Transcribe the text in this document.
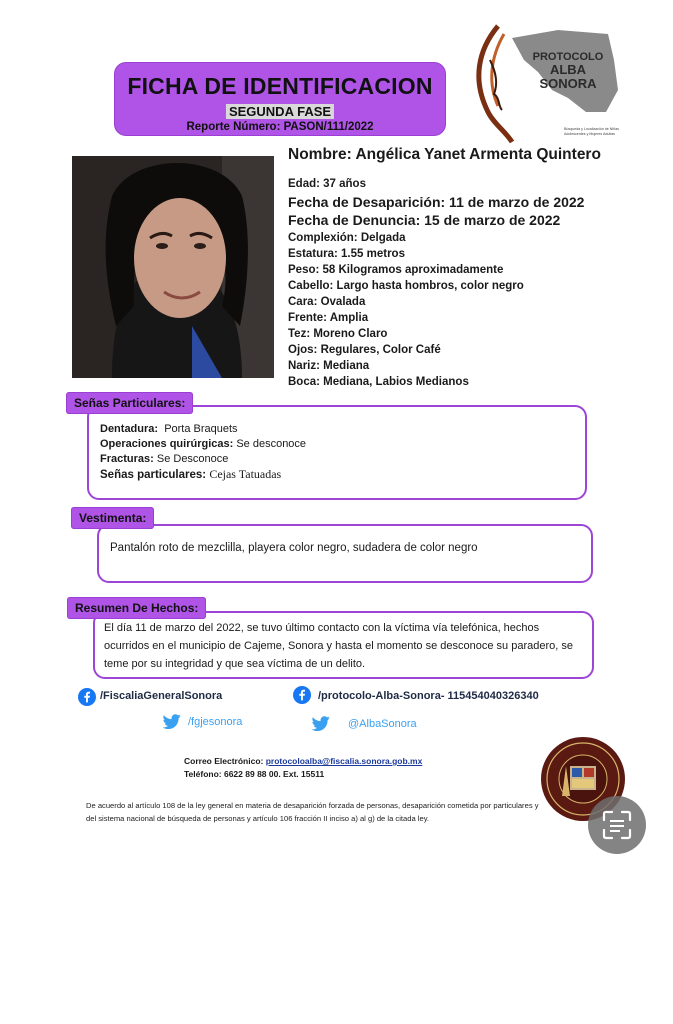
FICHA DE IDENTIFICACION
SEGUNDA FASE
Reporte Número: PASON/111/2022
PROTOCOLO
ALBA
SONORA
Búsqueda y Localización de Niñas
Adolescentes y Mujeres Adultas
Nombre: Angélica Yanet Armenta Quintero
Edad: 37 años
Fecha de Desaparición: 11 de marzo de 2022
Fecha de Denuncia: 15 de marzo de 2022
Complexión: Delgada
Estatura: 1.55 metros
Peso: 58 Kilogramos aproximadamente
Cabello: Largo hasta hombros, color negro
Cara: Ovalada
Frente: Amplia
Tez: Moreno Claro
Ojos: Regulares, Color Café
Nariz: Mediana
Boca: Mediana, Labios Medianos
Señas Particulares:
Dentadura: Porta Braquets
Operaciones quirúrgicas: Se desconoce
Fracturas: Se Desconoce
Señas particulares: Cejas Tatuadas
Vestimenta:
Pantalón roto de mezclilla, playera color negro, sudadera de color negro
Resumen De Hechos:
El día 11 de marzo del 2022, se tuvo último contacto con la víctima vía telefónica, hechos ocurridos en el municipio de Cajeme, Sonora y hasta el momento se desconoce su paradero, se teme por su integridad y que sea víctima de un delito.
/FiscaliaGeneralSonora	/protocolo-Alba-Sonora- 115454040326340
/fgjesonora	@AlbaSonora
Correo Electrónico: protocoloalba@fiscalia.sonora.gob.mx
Teléfono: 6622 89 88 00. Ext. 15511
De acuerdo al artículo 108 de la ley general en materia de desaparición forzada de personas, desaparición cometida por particulares y del sistema nacional de búsqueda de personas y artículo 106 fracción II inciso a) al g) de la citada ley.
